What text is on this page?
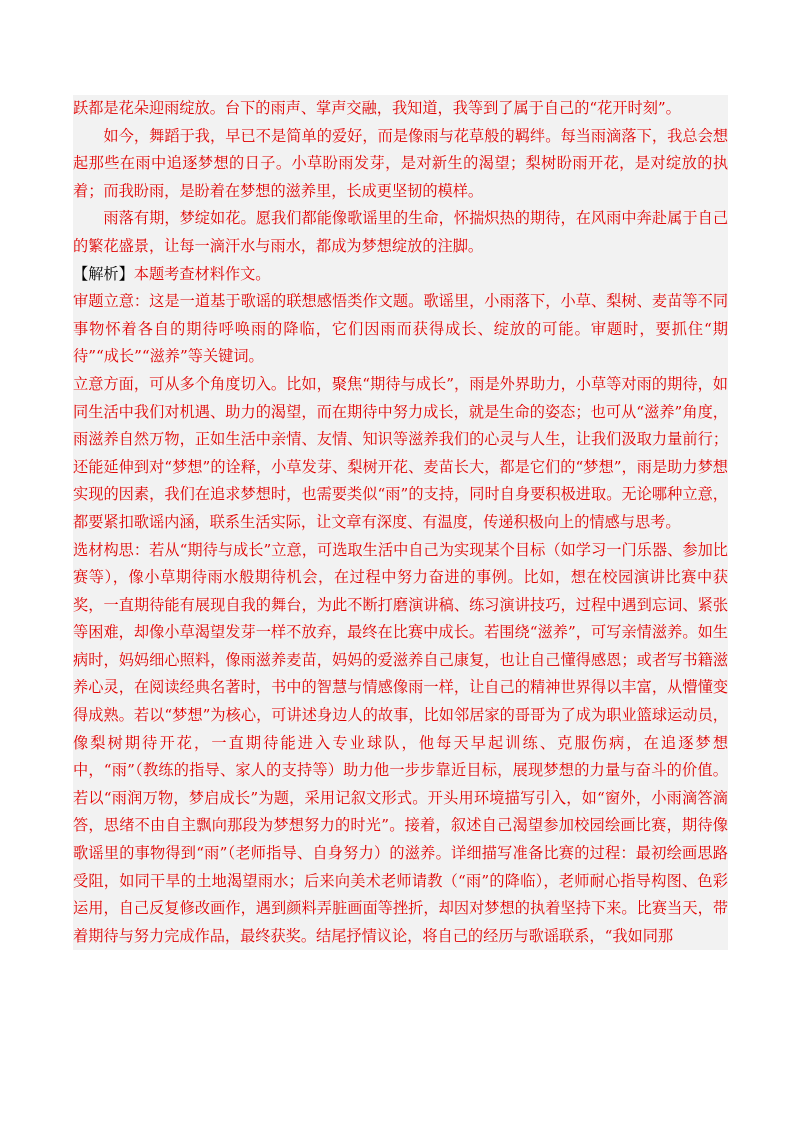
跃都是花朵迎雨绽放。台下的雨声、掌声交融，我知道，我等到了属于自己的“花开时刻”。

如今，舞蹈于我，早已不是简单的爱好，而是像雨与花草般的羁绊。每当雨滴落下，我总会想起那些在雨中追逐梦想的日子。小草盼雨发芽，是对新生的渴望；梨树盼雨开花，是对绽放的执着；而我盼雨，是盼着在梦想的滋养里，长成更坚韧的模样。

雨落有期，梦绽如花。愿我们都能像歌谣里的生命，怀揣炽热的期待，在风雨中奔赴属于自己的繁花盛景，让每一滴汗水与雨水，都成为梦想绽放的注脚。

【解析】本题考查材料作文。

审题立意：这是一道基于歌谣的联想感悟类作文题。歌谣里，小雨落下，小草、梨树、麦苗等不同事物怀着各自的期待呼唤雨的降临，它们因雨而获得成长、绽放的可能。审题时，要抓住“期待”“成长”“滋养”等关键词。

立意方面，可从多个角度切入。比如，聚焦“期待与成长”，雨是外界助力，小草等对雨的期待，如同生活中我们对机遇、助力的渴望，而在期待中努力成长，就是生命的姿态；也可从“滋养”角度，雨滋养自然万物，正如生活中亲情、友情、知识等滋养我们的心灵与人生，让我们汲取力量前行；还能延伸到对“梦想”的诠释，小草发芽、梨树开花、麦苗长大，都是它们的“梦想”，雨是助力梦想实现的因素，我们在追求梦想时，也需要类似“雨”的支持，同时自身要积极进取。无论哪种立意，都要紧扣歌谣内涵，联系生活实际，让文章有深度、有温度，传递积极向上的情感与思考。

选材构思：若从“期待与成长”立意，可选取生活中自己为实现某个目标（如学习一门乐器、参加比赛等），像小草期待雨水般期待机会，在过程中努力奋进的事例。比如，想在校园演讲比赛中获奖，一直期待能有展现自我的舞台，为此不断打磨演讲稿、练习演讲技巧，过程中遇到忘词、紧张等困难，却像小草渴望发芽一样不放弃，最终在比赛中成长。若围绕“滋养”，可写亲情滋养。如生病时，妈妈细心照料，像雨滋养麦苗，妈妈的爱滋养自己康复，也让自己懂得感恩；或者写书籍滋养心灵，在阅读经典名著时，书中的智慧与情感像雨一样，让自己的精神世界得以丰富，从懵懂变得成熟。若以“梦想”为核心，可讲述身边人的故事，比如邻居家的哥哥为了成为职业篮球运动员，像梨树期待开花，一直期待能进入专业球队，他每天早起训练、克服伤病，在追逐梦想中，“雨”（教练的指导、家人的支持等）助力他一步步靠近目标，展现梦想的力量与奋斗的价值。若以“雨润万物，梦启成长”为题，采用记叙文形式。开头用环境描写引入，如“窗外，小雨滴答滴答，思绪不由自主飘向那段为梦想努力的时光”。接着，叙述自己渴望参加校园绘画比赛，期待像歌谣里的事物得到“雨”（老师指导、自身努力）的滋养。详细描写准备比赛的过程：最初绘画思路受阻，如同干旱的土地渴望雨水；后来向美术老师请教（“雨”的降临），老师耐心指导构图、色彩运用，自己反复修改画作，遇到颜料弄脏画面等挫折，却因对梦想的执着坚持下来。比赛当天，带着期待与努力完成作品，最终获奖。结尾抒情议论，将自己的经历与歌谣联系，“我如同那
